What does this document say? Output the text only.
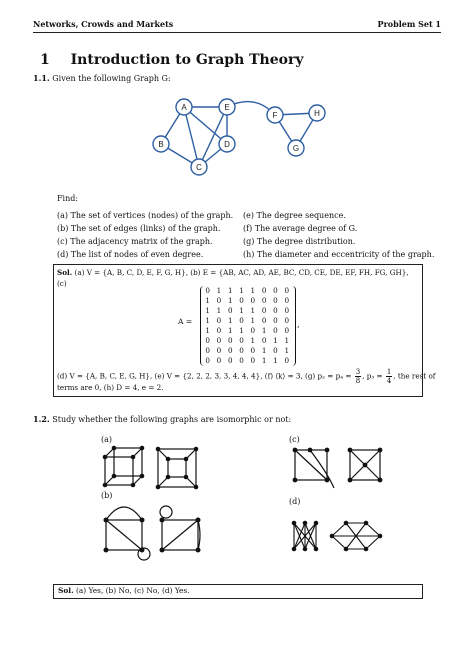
Networks, Crowds and Markets	Problem Set 1
1 Introduction to Graph Theory
1.1. Given the following Graph G:
A
B
C
D
E
F
G
H
Find:
(a) The set of vertices (nodes) of the graph.
(b) The set of edges (links) of the graph.
(c) The adjacency matrix of the graph.
(d) The list of nodes of even degree.
(e) The degree sequence.
(f) The average degree of G.
(g) The degree distribution.
(h) The diameter and eccentricity of the graph.
Sol. (a) V = {A, B, C, D, E, F, G, H}, (b) E = {AB, AC, AD, AE, BC, CD, CE, DE, EF, FH, FG, GH},
(c)
A =
0 1 1 1 1 0 0 0
1 0 1 0 0 0 0 0
1 1 0 1 1 0 0 0
1 0 1 0 1 0 0 0
1 0 1 1 0 1 0 0
0 0 0 0 1 0 1 1
0 0 0 0 0 1 0 1
0 0 0 0 0 1 1 0
,
(d) V = {A, B, C, E, G, H}, (e) V = {2, 2, 2, 3, 3, 4, 4, 4}, (f) ⟨k⟩ = 3, (g) $p_2 = p_4 = \frac{3}{8}$ , $p_3 = \frac{1}{4}$ , the rest of
terms are 0, (h) D = 4, e = 2.
1.2. Study whether the following graphs are isomorphic or not:
(a)
(b)
(c)
(d)
Sol. (a) Yes, (b) No, (c) No, (d) Yes.
